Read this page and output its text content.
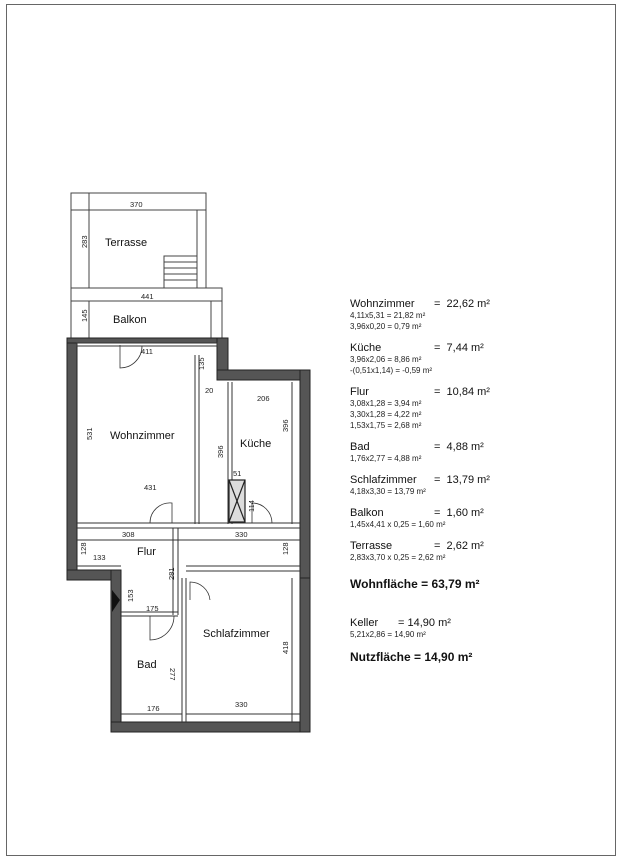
Terrasse
Balkon
Wohnzimmer
Küche
Flur
Bad
Schlafzimmer
370
283
441
145
411
531
396
431
135
20
206
396
51
114
308	330
128	128
133
281
153
175
277
176
418
330
Wohnzimmer	= 22,62 m²
4,11x5,31 = 21,82 m²
3,96x0,20 = 0,79 m²
Küche	= 7,44 m²
3,96x2,06 = 8,86 m²
-(0,51x1,14) = -0,59 m²
Flur	= 10,84 m²
3,08x1,28 = 3,94 m²
3,30x1,28 = 4,22 m²
1,53x1,75 = 2,68 m²
Bad	= 4,88 m²
1,76x2,77 = 4,88 m²
Schlafzimmer	= 13,79 m²
4,18x3,30 = 13,79 m²
Balkon	= 1,60 m²
1,45x4,41 x 0,25 = 1,60 m²
Terrasse	= 2,62 m²
2,83x3,70 x 0,25 = 2,62 m²
Wohnfläche = 63,79 m²
Keller	= 14,90 m²
5,21x2,86 = 14,90 m²
Nutzfläche = 14,90 m²
